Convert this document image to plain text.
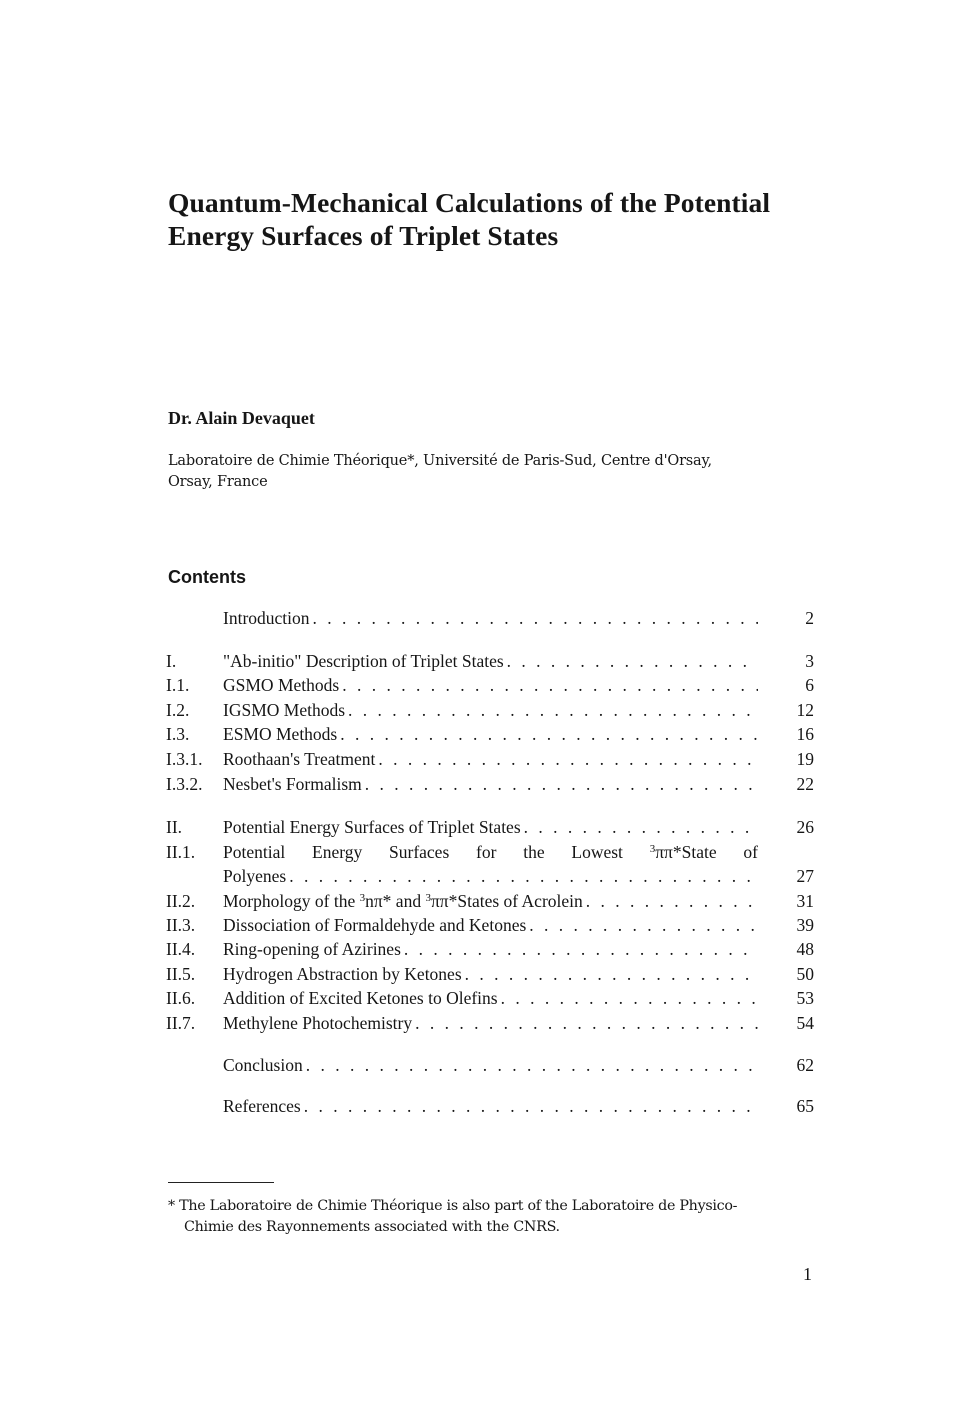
Quantum-Mechanical Calculations of the Potential
Energy Surfaces of Triplet States
Dr. Alain Devaquet
Laboratoire de Chimie Théorique*, Université de Paris-Sud, Centre d'Orsay,
Orsay, France
Contents
Introduction . . .	2
I.	"Ab-initio" Description of Triplet States . . .	3
I.1. GSMO Methods . . .	6
I.2. IGSMO Methods . . .	12
I.3. ESMO Methods . . .	16
I.3.1. Roothaan's Treatment . . .	19
I.3.2. Nesbet's Formalism . . .	22
II. Potential Energy Surfaces of Triplet States . . .	26
II.1. Potential Energy Surfaces for the Lowest $^3$ππ*State of
Polyenes . . .	27
II.2. Morphology of the $^3$nπ* and $^3$ππ*States of Acrolein . . .	31
II.3. Dissociation of Formaldehyde and Ketones . . .	39
II.4. Ring-opening of Azirines . . .	48
II.5. Hydrogen Abstraction by Ketones . . .	50
II.6. Addition of Excited Ketones to Olefins . . .	53
II.7. Methylene Photochemistry . . .	54
Conclusion . . .	62
References . . .	65
* The Laboratoire de Chimie Théorique is also part of the Laboratoire de Physico-
Chimie des Rayonnements associated with the CNRS.
1
